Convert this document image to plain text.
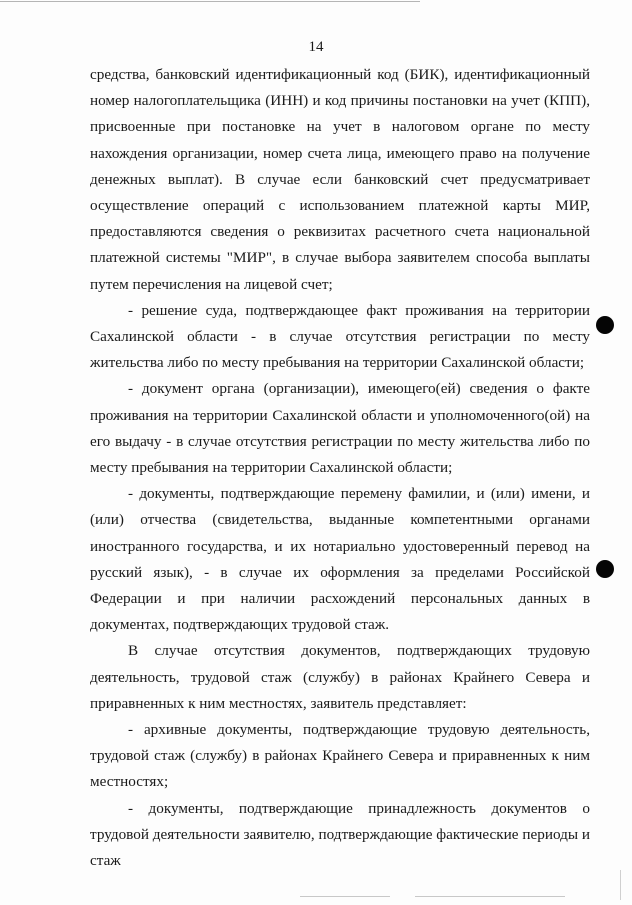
14

средства, банковский идентификационный код (БИК), идентификационный номер налогоплательщика (ИНН) и код причины постановки на учет (КПП), присвоенные при постановке на учет в налоговом органе по месту нахождения организации, номер счета лица, имеющего право на получение денежных выплат). В случае если банковский счет предусматривает осуществление операций с использованием платежной карты МИР, предоставляются сведения о реквизитах расчетного счета национальной платежной системы "МИР", в случае выбора заявителем способа выплаты путем перечисления на лицевой счет;

- решение суда, подтверждающее факт проживания на территории Сахалинской области - в случае отсутствия регистрации по месту жительства либо по месту пребывания на территории Сахалинской области;

- документ органа (организации), имеющего(ей) сведения о факте проживания на территории Сахалинской области и уполномоченного(ой) на его выдачу - в случае отсутствия регистрации по месту жительства либо по месту пребывания на территории Сахалинской области;

- документы, подтверждающие перемену фамилии, и (или) имени, и (или) отчества (свидетельства, выданные компетентными органами иностранного государства, и их нотариально удостоверенный перевод на русский язык), - в случае их оформления за пределами Российской Федерации и при наличии расхождений персональных данных в документах, подтверждающих трудовой стаж.

В случае отсутствия документов, подтверждающих трудовую деятельность, трудовой стаж (службу) в районах Крайнего Севера и приравненных к ним местностях, заявитель представляет:

- архивные документы, подтверждающие трудовую деятельность, трудовой стаж (службу) в районах Крайнего Севера и приравненных к ним местностях;

- документы, подтверждающие принадлежность документов о трудовой деятельности заявителю, подтверждающие фактические периоды и стаж
